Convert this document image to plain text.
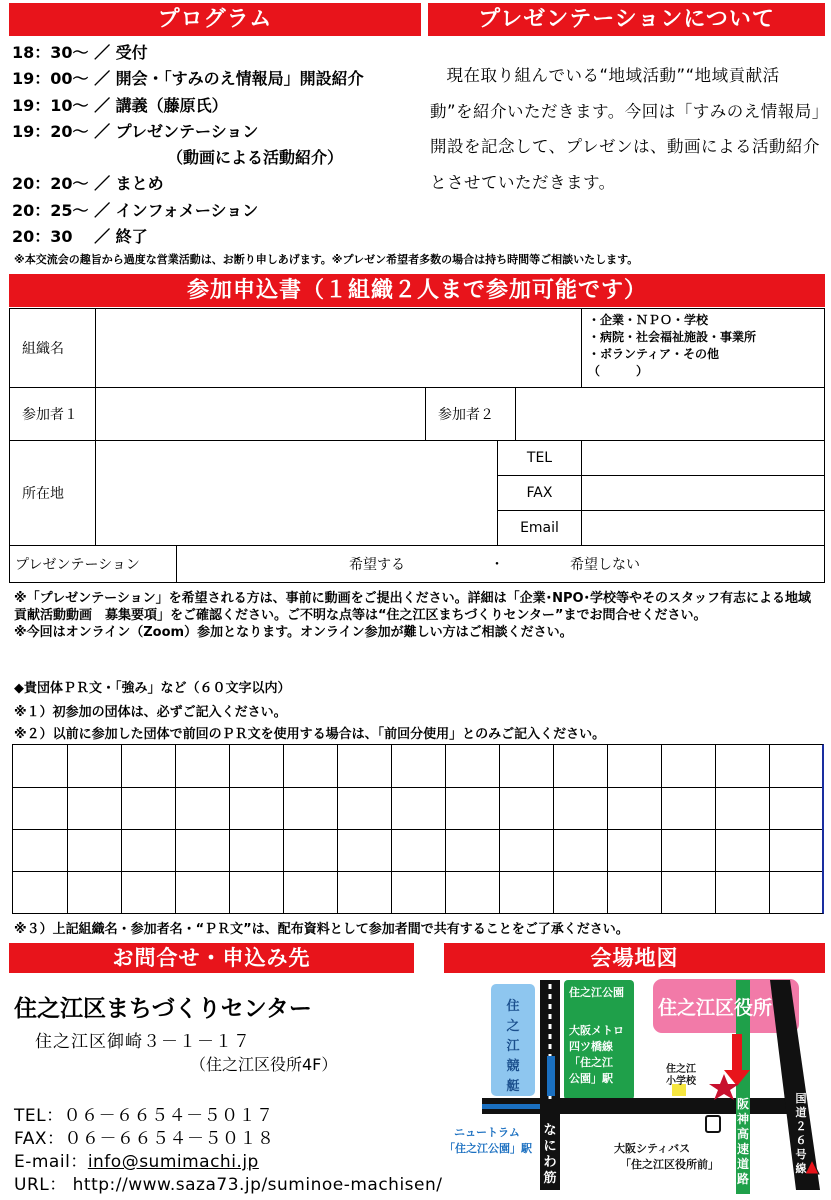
プログラム	プレゼンテーションについて
18：30～ ／ 受付
19：00～ ／ 開会・「すみのえ情報局」開設紹介
19：10～ ／ 講義（藤原氏）
19：20～ ／ プレゼンテーション
（動画による活動紹介）
20：20～ ／ まとめ
20：25～ ／ インフォメーション
20：30　 ／ 終了
現在取り組んでいる“地域活動”“地域貢献活動”を紹介いただきます。今回は「すみのえ情報局」開設を記念して、プレゼンは、動画による活動紹介とさせていただきます。
※本交流会の趣旨から過度な営業活動は、お断り申しあげます。※プレゼン希望者多数の場合は持ち時間等ご相談いたします。
参加申込書（１組織２人まで参加可能です）
組織名
・企業・ＮＰＯ・学校
・病院・社会福祉施設・事業所
・ボランティア・その他
（　　　）
参加者１	参加者２
所在地
TEL
FAX
Email
プレゼンテーション	希望する	・	希望しない
※「プレゼンテーション」を希望される方は、事前に動画をご提出ください。詳細は「企業･NPO･学校等やそのスタッフ有志による地域貢献活動動画　募集要項」をご確認ください。ご不明な点等は“住之江区まちづくりセンター”までお問合せください。
※今回はオンライン（Zoom）参加となります。オンライン参加が難しい方はご相談ください。
◆貴団体ＰＲ文・「強み」など（６０文字以内）
※１）初参加の団体は、必ずご記入ください。
※２）以前に参加した団体で前回のＰＲ文を使用する場合は、「前回分使用」とのみご記入ください。
※３）上記組織名・参加者名・“ＰＲ文”は、配布資料として参加者間で共有することをご了承ください。
お問合せ・申込み先
住之江区まちづくりセンター
住之江区御崎３－１－１７
（住之江区役所4F）
TEL：０６－６６５４－５０１７
FAX：０６－６６５４－５０１８
E-mail：info@sumimachi.jp
URL： http://www.saza73.jp/suminoe-machisen/
会場地図
住之江競艇
住之江公園
大阪メトロ
四ツ橋線
「住之江
公園」駅
住之江区役所
住之江
小学校
ニュートラム
「住之江公園」駅	大阪シティバス
「住之江区役所前」
なにわ筋
阪神高速道路
国道２６号線
